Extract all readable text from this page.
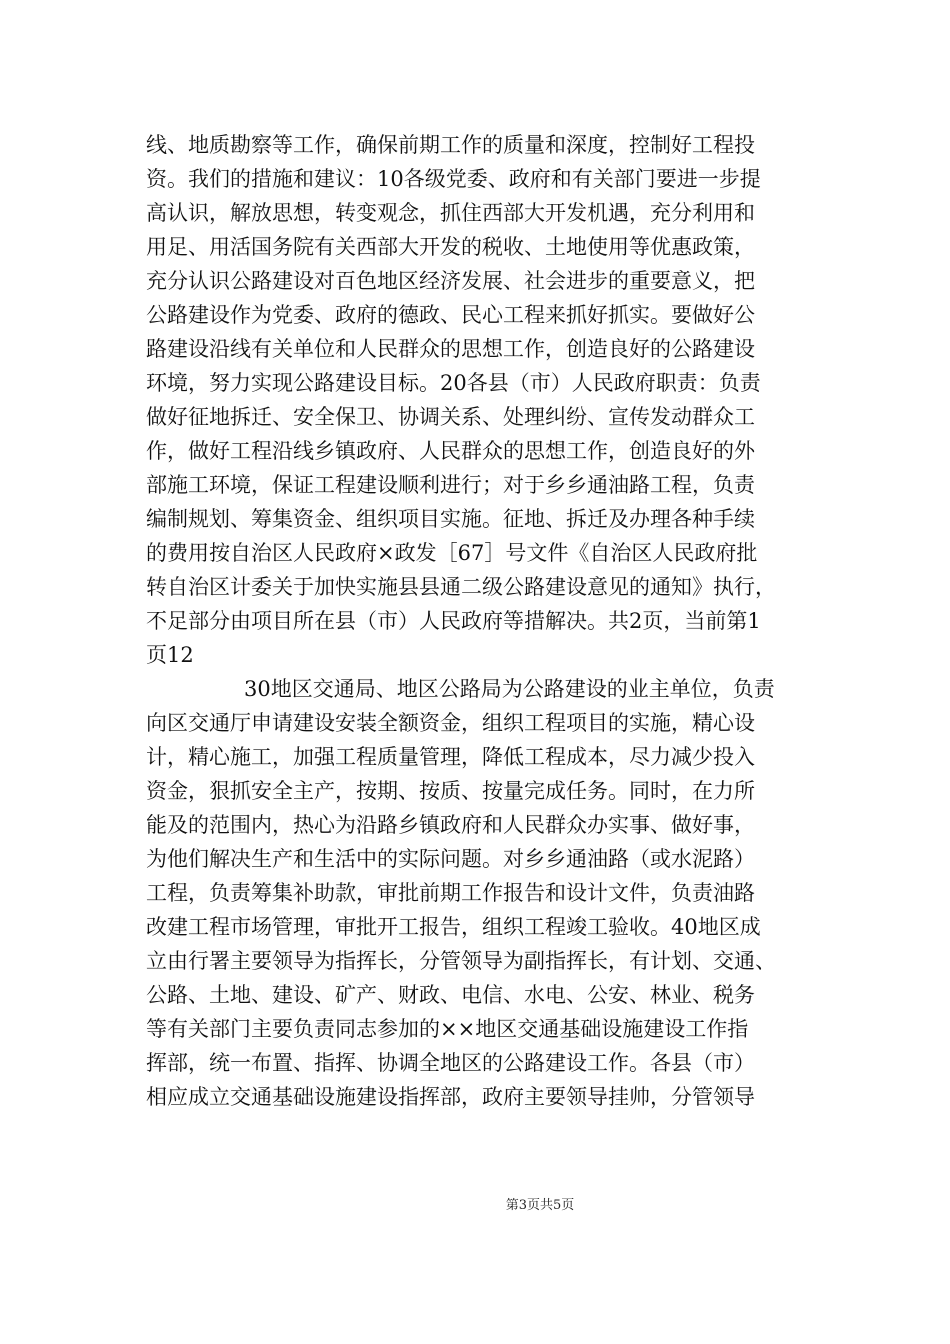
线、地质勘察等工作，确保前期工作的质量和深度，控制好工程投
资。我们的措施和建议：10各级党委、政府和有关部门要进一步提
高认识，解放思想，转变观念，抓住西部大开发机遇，充分利用和
用足、用活国务院有关西部大开发的税收、土地使用等优惠政策，
充分认识公路建设对百色地区经济发展、社会进步的重要意义，把
公路建设作为党委、政府的德政、民心工程来抓好抓实。要做好公
路建设沿线有关单位和人民群众的思想工作，创造良好的公路建设
环境，努力实现公路建设目标。20各县（市）人民政府职责：负责
做好征地拆迁、安全保卫、协调关系、处理纠纷、宣传发动群众工
作，做好工程沿线乡镇政府、人民群众的思想工作，创造良好的外
部施工环境，保证工程建设顺利进行；对于乡乡通油路工程，负责
编制规划、筹集资金、组织项目实施。征地、拆迁及办理各种手续
的费用按自治区人民政府×政发［67］号文件《自治区人民政府批
转自治区计委关于加快实施县县通二级公路建设意见的通知》执行，
不足部分由项目所在县（市）人民政府等措解决。共2页，当前第1
页12
30地区交通局、地区公路局为公路建设的业主单位，负责
向区交通厅申请建设安装全额资金，组织工程项目的实施，精心设
计，精心施工，加强工程质量管理，降低工程成本，尽力减少投入
资金，狠抓安全主产，按期、按质、按量完成任务。同时，在力所
能及的范围内，热心为沿路乡镇政府和人民群众办实事、做好事，
为他们解决生产和生活中的实际问题。对乡乡通油路（或水泥路）
工程，负责筹集补助款，审批前期工作报告和设计文件，负责油路
改建工程市场管理，审批开工报告，组织工程竣工验收。40地区成
立由行署主要领导为指挥长，分管领导为副指挥长，有计划、交通、
公路、土地、建设、矿产、财政、电信、水电、公安、林业、税务
等有关部门主要负责同志参加的××地区交通基础设施建设工作指
挥部，统一布置、指挥、协调全地区的公路建设工作。各县（市）
相应成立交通基础设施建设指挥部，政府主要领导挂帅，分管领导
第3页共5页
